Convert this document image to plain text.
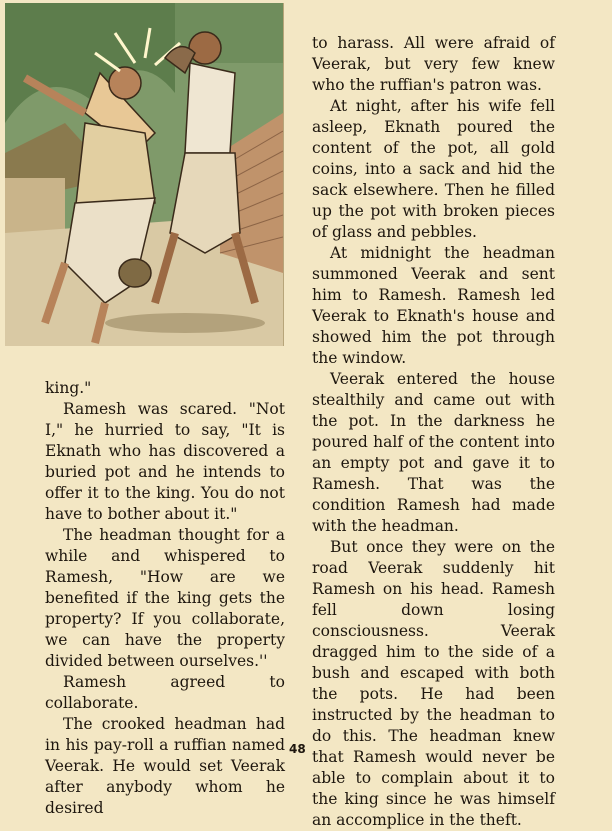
king."

Ramesh was scared. "Not I," he hurried to say, "It is Eknath who has discovered a buried pot and he intends to offer it to the king. You do not have to bother about it."

The headman thought for a while and whispered to Ramesh, "How are we benefited if the king gets the property? If you collaborate, we can have the property divided between ourselves.''

Ramesh agreed to collaborate.

The crooked headman had in his pay-roll a ruffian named Veerak. He would set Veerak after anybody whom he desired

to harass. All were afraid of Veerak, but very few knew who the ruffian's patron was.

At night, after his wife fell asleep, Eknath poured the content of the pot, all gold coins, into a sack and hid the sack elsewhere. Then he filled up the pot with broken pieces of glass and pebbles.

At midnight the headman summoned Veerak and sent him to Ramesh. Ramesh led Veerak to Eknath's house and showed him the pot through the window.

Veerak entered the house stealthily and came out with the pot. In the darkness he poured half of the content into an empty pot and gave it to Ramesh. That was the condition Ramesh had made with the headman.

But once they were on the road Veerak suddenly hit Ramesh on his head. Ramesh fell down losing consciousness. Veerak dragged him to the side of a bush and escaped with both the pots. He had been instructed by the headman to do this. The headman knew that Ramesh would never be able to complain about it to the king since he was himself an accomplice in the theft.

48
